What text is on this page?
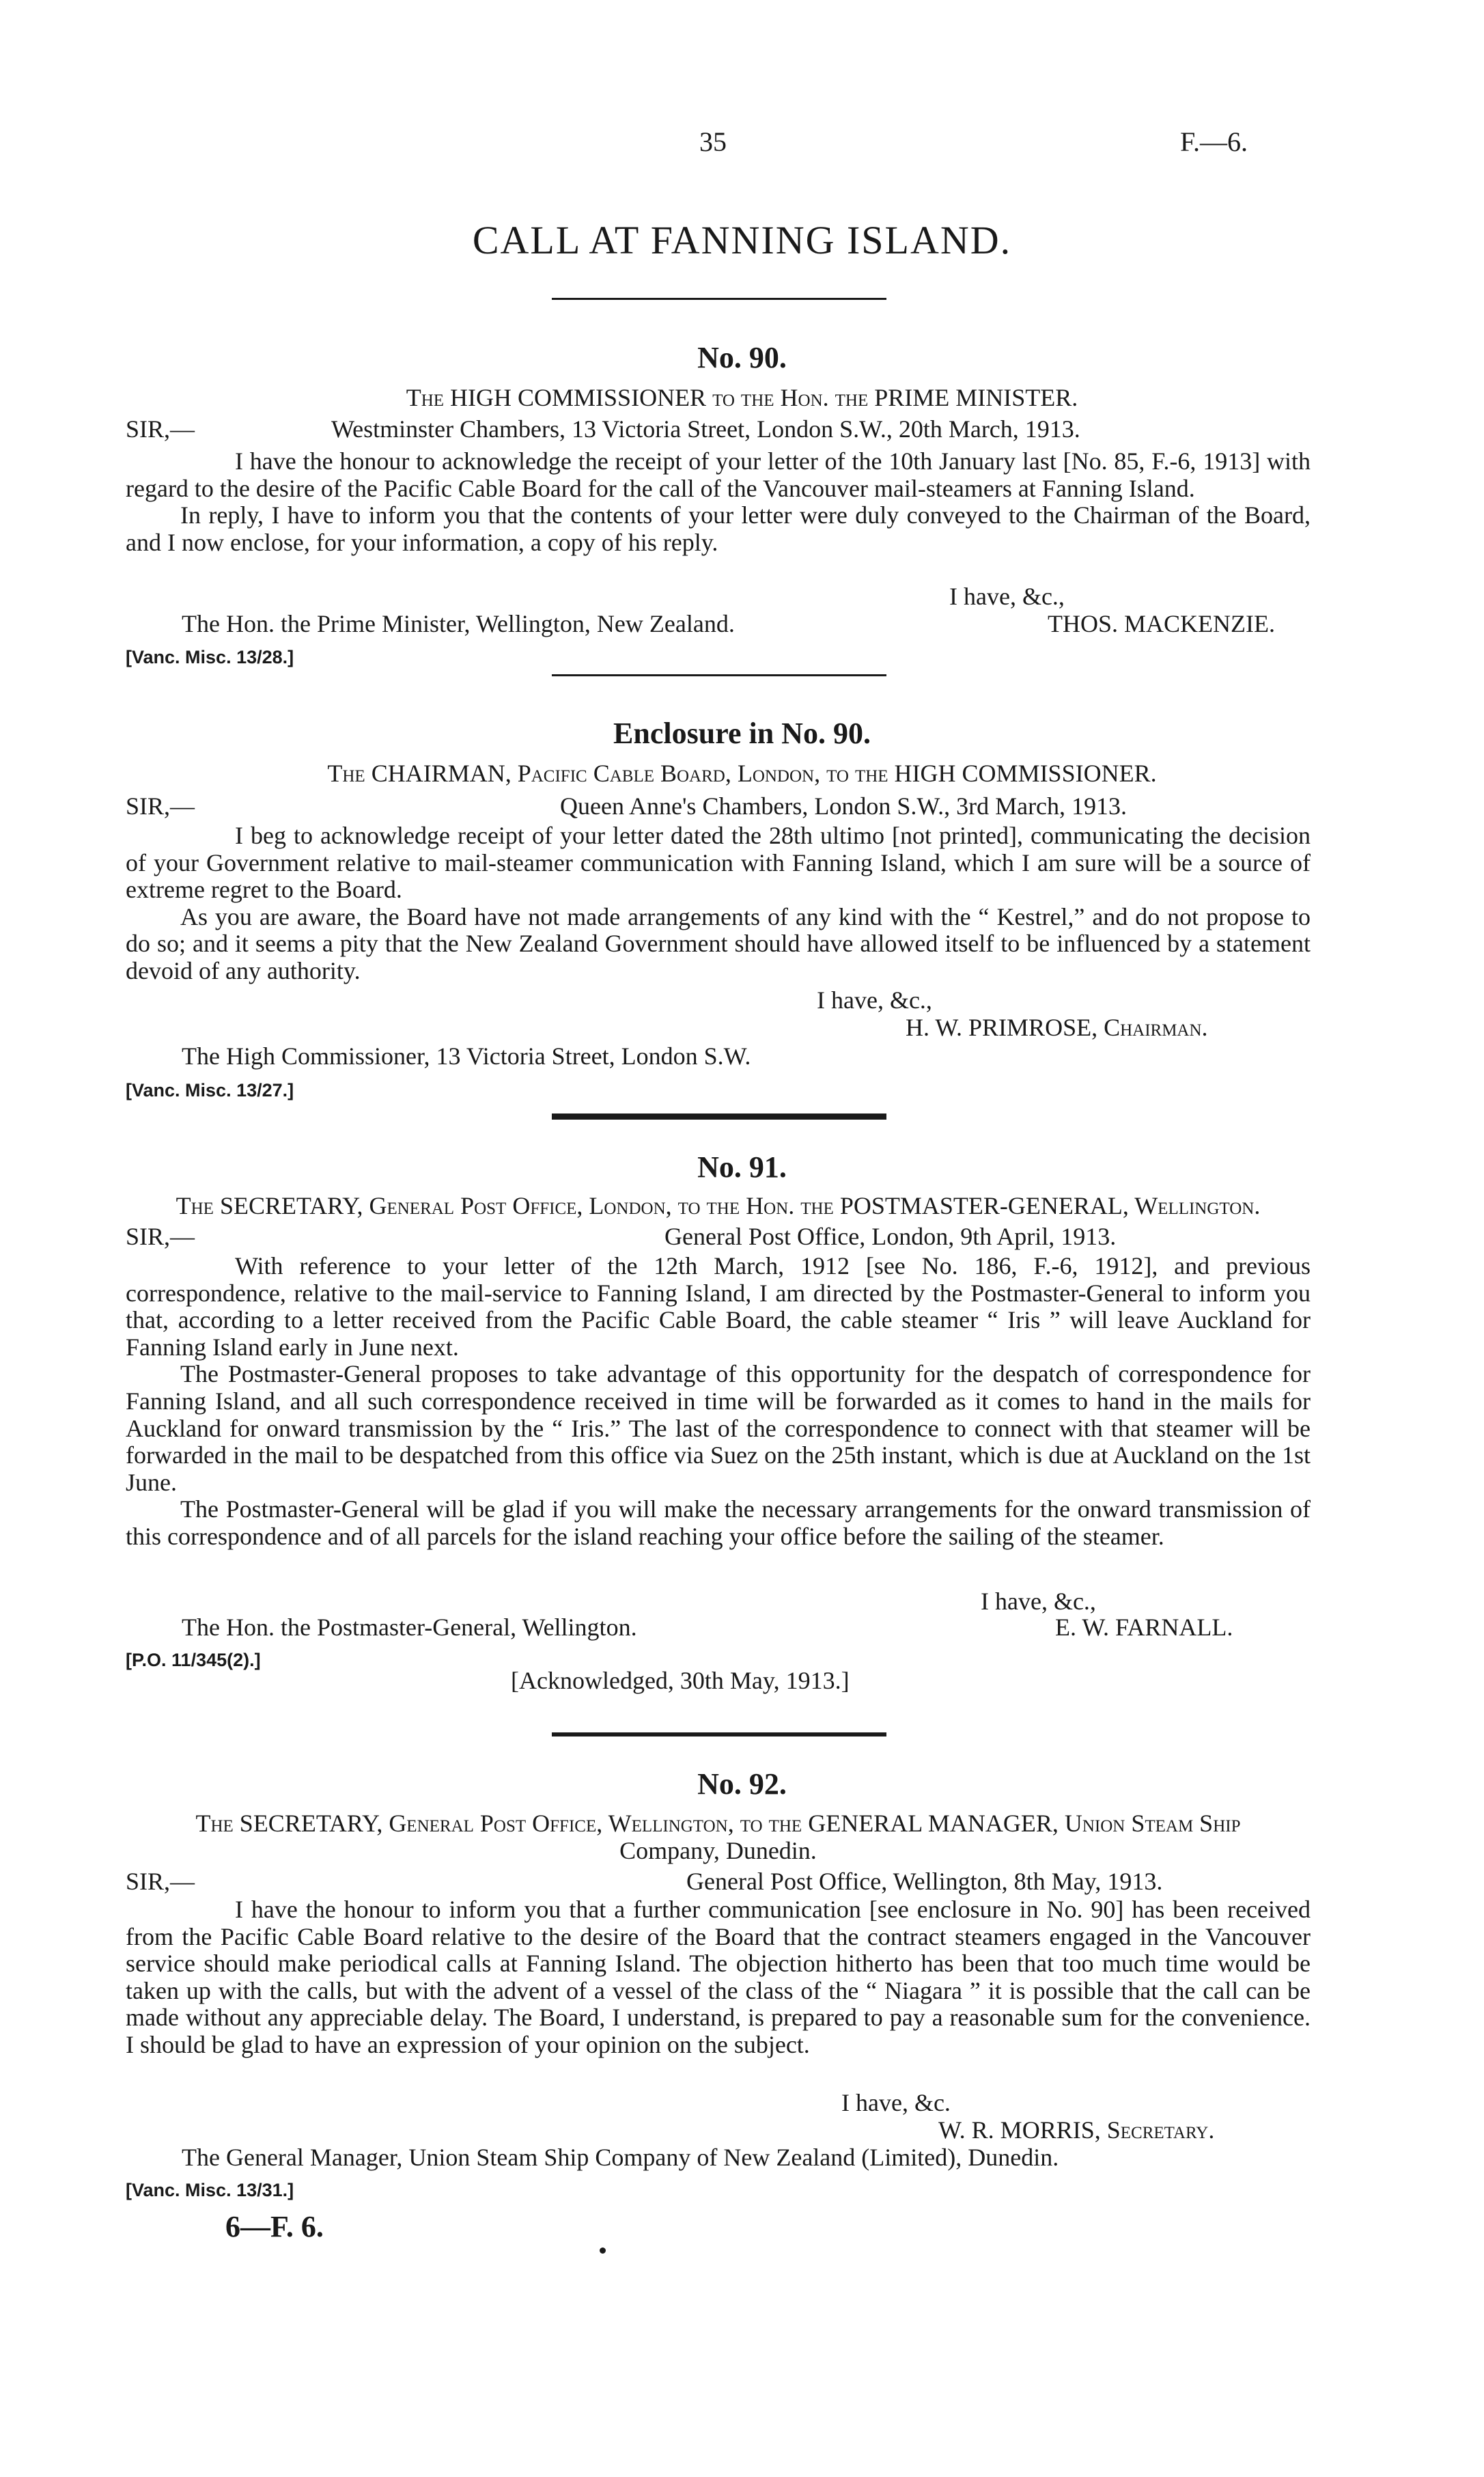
35	F.—6.
CALL AT FANNING ISLAND.
No. 90.
The HIGH COMMISSIONER to the Hon. the PRIME MINISTER.
SIR,—	Westminster Chambers, 13 Victoria Street, London S.W., 20th March, 1913.

I have the honour to acknowledge the receipt of your letter of the 10th January last [No. 85, F.-6, 1913] with regard to the desire of the Pacific Cable Board for the call of the Vancouver mail-steamers at Fanning Island.

In reply, I have to inform you that the contents of your letter were duly conveyed to the Chairman of the Board, and I now enclose, for your information, a copy of his reply.

I have, &c.,
The Hon. the Prime Minister, Wellington, New Zealand.	THOS. MACKENZIE.
[Vanc. Misc. 13/28.]
Enclosure in No. 90.
The CHAIRMAN, Pacific Cable Board, London, to the HIGH COMMISSIONER.
SIR,—	Queen Anne's Chambers, London S.W., 3rd March, 1913.

I beg to acknowledge receipt of your letter dated the 28th ultimo [not printed], communicating the decision of your Government relative to mail-steamer communication with Fanning Island, which I am sure will be a source of extreme regret to the Board.

As you are aware, the Board have not made arrangements of any kind with the “ Kestrel,” and do not propose to do so; and it seems a pity that the New Zealand Government should have allowed itself to be influenced by a statement devoid of any authority.

I have, &c.,
H. W. PRIMROSE, Chairman.
The High Commissioner, 13 Victoria Street, London S.W.
[Vanc. Misc. 13/27.]
No. 91.
The SECRETARY, General Post Office, London, to the Hon. the POSTMASTER-GENERAL, Wellington.
SIR,—	General Post Office, London, 9th April, 1913.

With reference to your letter of the 12th March, 1912 [see No. 186, F.-6, 1912], and previous correspondence, relative to the mail-service to Fanning Island, I am directed by the Postmaster-General to inform you that, according to a letter received from the Pacific Cable Board, the cable steamer “ Iris ” will leave Auckland for Fanning Island early in June next.

The Postmaster-General proposes to take advantage of this opportunity for the despatch of correspondence for Fanning Island, and all such correspondence received in time will be forwarded as it comes to hand in the mails for Auckland for onward transmission by the “ Iris.” The last of the correspondence to connect with that steamer will be forwarded in the mail to be despatched from this office via Suez on the 25th instant, which is due at Auckland on the 1st June.

The Postmaster-General will be glad if you will make the necessary arrangements for the onward transmission of this correspondence and of all parcels for the island reaching your office before the sailing of the steamer.

I have, &c.,
The Hon. the Postmaster-General, Wellington.	E. W. FARNALL.
[P.O. 11/345(2).]
[Acknowledged, 30th May, 1913.]
No. 92.
The SECRETARY, General Post Office, Wellington, to the GENERAL MANAGER, Union Steam Ship
Company, Dunedin.
SIR,—	General Post Office, Wellington, 8th May, 1913.

I have the honour to inform you that a further communication [see enclosure in No. 90] has been received from the Pacific Cable Board relative to the desire of the Board that the contract steamers engaged in the Vancouver service should make periodical calls at Fanning Island. The objection hitherto has been that too much time would be taken up with the calls, but with the advent of a vessel of the class of the “ Niagara ” it is possible that the call can be made without any appreciable delay. The Board, I understand, is prepared to pay a reasonable sum for the convenience. I should be glad to have an expression of your opinion on the subject.

I have, &c.
W. R. MORRIS, Secretary.
The General Manager, Union Steam Ship Company of New Zealand (Limited), Dunedin.
[Vanc. Misc. 13/31.]
6—F. 6.
